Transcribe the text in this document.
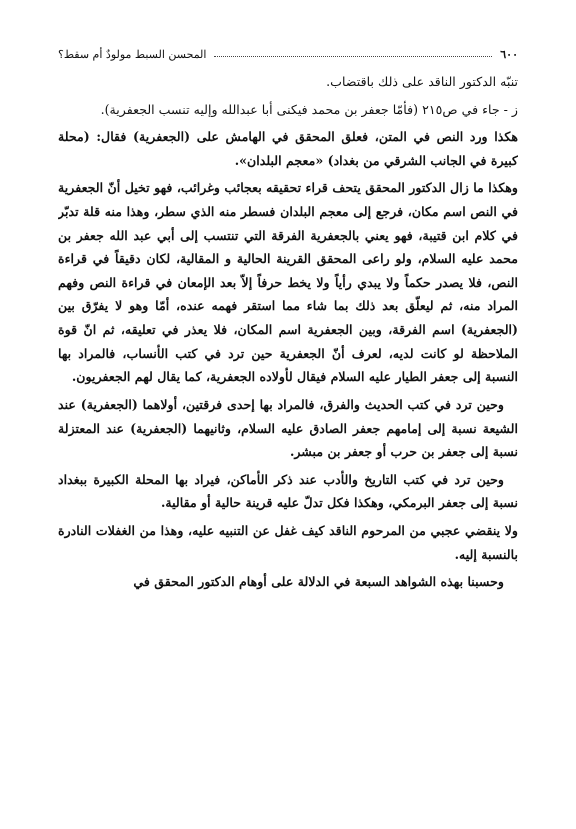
٦٠٠
المحسن السبط مولودٌ أم سقط؟

تنبّه الدكتور الناقد على ذلك باقتضاب.

ز - جاء في ص٢١٥ (فأمّا جعفر بن محمد فيكنى أبا عبدالله وإليه تنسب الجعفرية).

هكذا ورد النص في المتن، فعلق المحقق في الهامش على (الجعفرية) فقال: (محلة كبيرة في الجانب الشرقي من بغداد) «معجم البلدان».

وهكذا ما زال الدكتور المحقق يتحف قراء تحقيقه بعجائب وغرائب، فهو تخيل أنّ الجعفرية في النص اسم مكان، فرجع إلى معجم البلدان فسطر منه الذي سطر، وهذا منه قلة تدبّر في كلام ابن قتيبة، فهو يعني بالجعفرية الفرقة التي تنتسب إلى أبي عبد الله جعفر بن محمد عليه السلام، ولو راعى المحقق القرينة الحالية و المقالية، لكان دقيقاً في قراءة النص، فلا يصدر حكماً ولا يبدي رأياً ولا يخط حرفاً إلاّ بعد الإمعان في قراءة النص وفهم المراد منه، ثم ليعلّق بعد ذلك بما شاء مما استقر فهمه عنده، أمّا وهو لا يفرّق بين (الجعفرية) اسم الفرقة، وبين الجعفرية اسم المكان، فلا يعذر في تعليقه، ثم انّ قوة الملاحظة لو كانت لديه، لعرف أنّ الجعفرية حين ترد في كتب الأنساب، فالمراد بها النسبة إلى جعفر الطيار عليه السلام فيقال لأولاده الجعفرية، كما يقال لهم الجعفريون.

وحين ترد في كتب الحديث والفرق، فالمراد بها إحدى فرقتين، أولاهما (الجعفرية) عند الشيعة نسبة إلى إمامهم جعفر الصادق عليه السلام، وثانيهما (الجعفرية) عند المعتزلة نسبة إلى جعفر بن حرب أو جعفر بن مبشر.

وحين ترد في كتب التاريخ والأدب عند ذكر الأماكن، فيراد بها المحلة الكبيرة ببغداد نسبة إلى جعفر البرمكي، وهكذا فكل تدلّ عليه قرينة حالية أو مقالية.

ولا ينقضي عجبي من المرحوم الناقد كيف غفل عن التنبيه عليه، وهذا من الغفلات النادرة بالنسبة إليه.

وحسبنا بهذه الشواهد السبعة في الدلالة على أوهام الدكتور المحقق في
